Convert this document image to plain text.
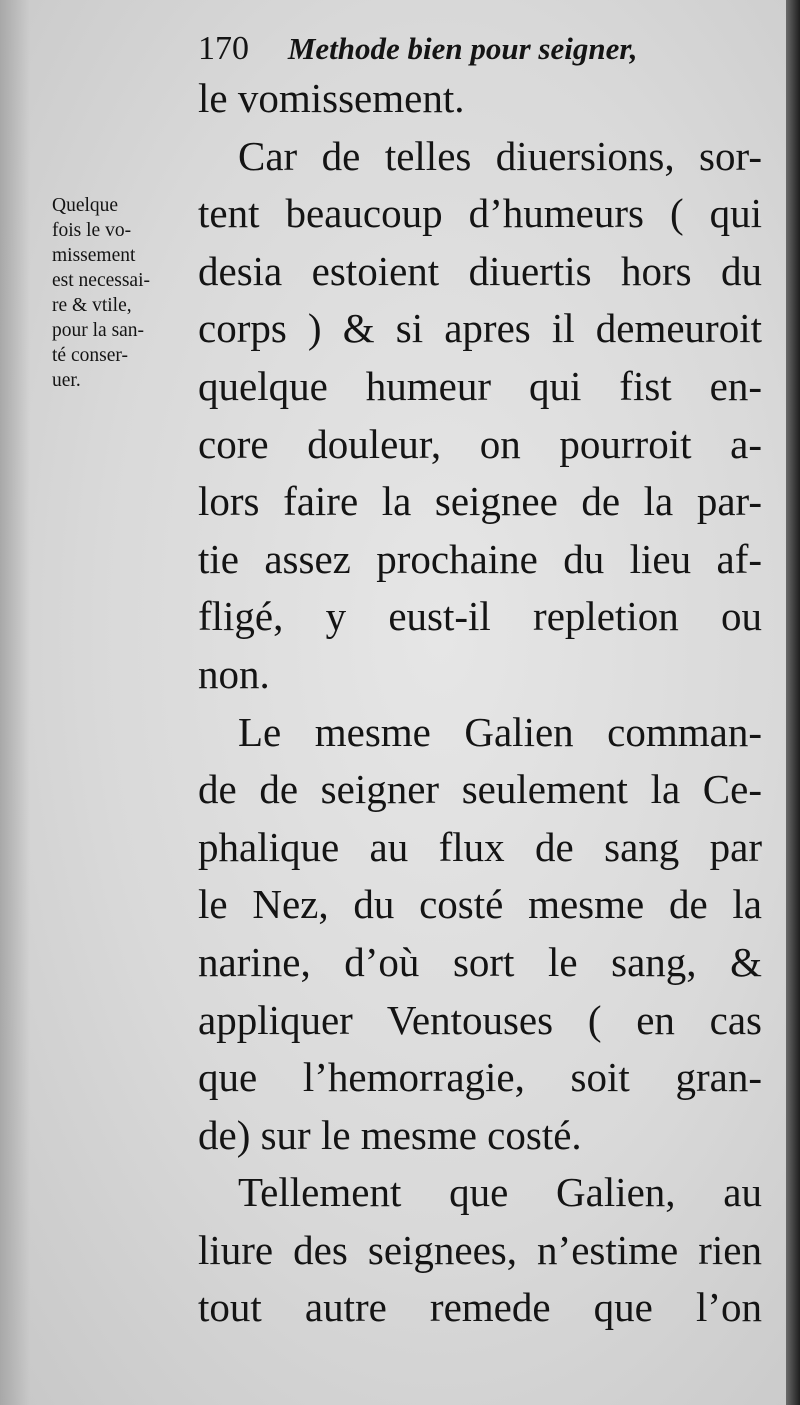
170 Methode bien pour seigner,
Quelque
fois le vo-
missement
est necessai-
re & vtile,
pour la san-
té conser-
uer.
le vomissement.
Car de telles diuersions, sor-
tent beaucoup d’humeurs ( qui
desia estoient diuertis hors du
corps ) & si apres il demeuroit
quelque humeur qui fist en-
core douleur, on pourroit a-
lors faire la seignee de la par-
tie assez prochaine du lieu af-
fligé, y eust-il repletion ou
non.
Le mesme Galien comman-
de de seigner seulement la Ce-
phalique au flux de sang par
le Nez, du costé mesme de la
narine, d’où sort le sang, &
appliquer Ventouses ( en cas
que l’hemorragie, soit gran-
de) sur le mesme costé.
Tellement que Galien, au
liure des seignees, n’estime rien
tout autre remede que l’on
